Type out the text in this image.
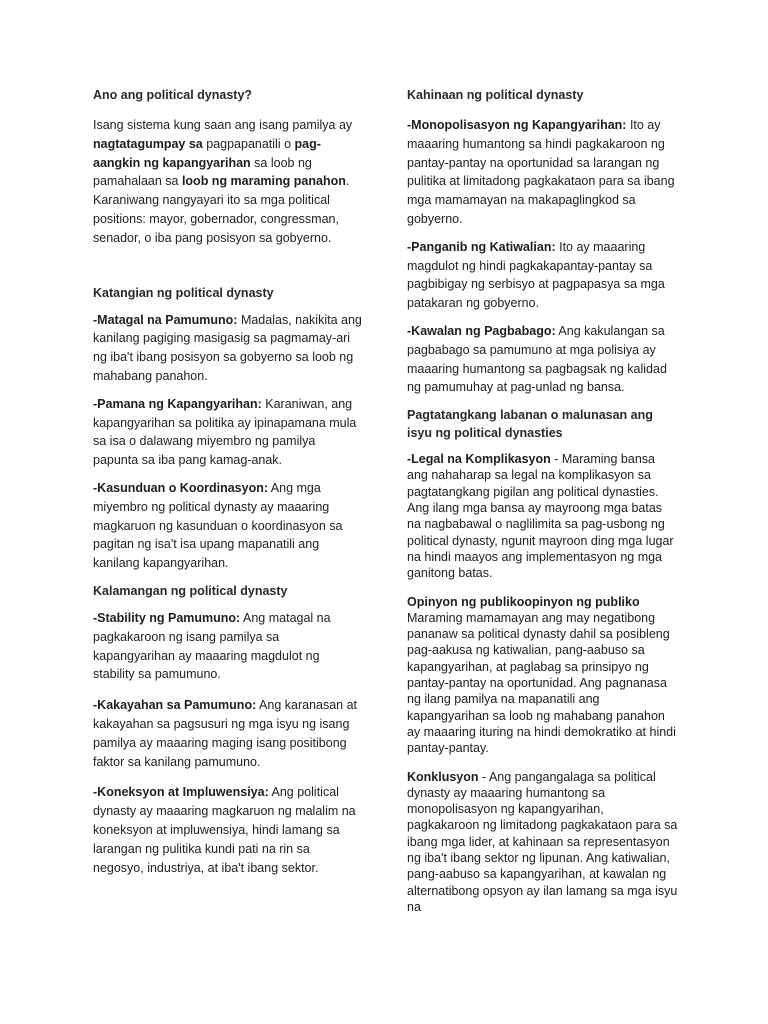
Ano ang political dynasty?

Isang sistema kung saan ang isang pamilya ay nagtatagumpay sa pagpapanatili o pag-aangkin ng kapangyarihan sa loob ng pamahalaan sa loob ng maraming panahon. Karaniwang nangyayari ito sa mga political positions: mayor, gobernador, congressman, senador, o iba pang posisyon sa gobyerno.

Katangian ng political dynasty

-Matagal na Pamumuno: Madalas, nakikita ang kanilang pagiging masigasig sa pagmamay-ari ng iba't ibang posisyon sa gobyerno sa loob ng mahabang panahon.

-Pamana ng Kapangyarihan: Karaniwan, ang kapangyarihan sa politika ay ipinapamana mula sa isa o dalawang miyembro ng pamilya papunta sa iba pang kamag-anak.

-Kasunduan o Koordinasyon: Ang mga miyembro ng political dynasty ay maaaring magkaruon ng kasunduan o koordinasyon sa pagitan ng isa't isa upang mapanatili ang kanilang kapangyarihan.

Kalamangan ng political dynasty

-Stability ng Pamumuno: Ang matagal na pagkakaroon ng isang pamilya sa kapangyarihan ay maaaring magdulot ng stability sa pamumuno.

-Kakayahan sa Pamumuno: Ang karanasan at kakayahan sa pagsusuri ng mga isyu ng isang pamilya ay maaaring maging isang positibong faktor sa kanilang pamumuno.

-Koneksyon at Impluwensiya: Ang political dynasty ay maaaring magkaruon ng malalim na koneksyon at impluwensiya, hindi lamang sa larangan ng pulitika kundi pati na rin sa negosyo, industriya, at iba't ibang sektor.

Kahinaan ng political dynasty

-Monopolisasyon ng Kapangyarihan: Ito ay maaaring humantong sa hindi pagkakaroon ng pantay-pantay na oportunidad sa larangan ng pulitika at limitadong pagkakataon para sa ibang mga mamamayan na makapaglingkod sa gobyerno.

-Panganib ng Katiwalian: Ito ay maaaring magdulot ng hindi pagkakapantay-pantay sa pagbibigay ng serbisyo at pagpapasya sa mga patakaran ng gobyerno.

-Kawalan ng Pagbabago: Ang kakulangan sa pagbabago sa pamumuno at mga polisiya ay maaaring humantong sa pagbagsak ng kalidad ng pamumuhay at pag-unlad ng bansa.

Pagtatangkang labanan o malunasan ang isyu ng political dynasties

-Legal na Komplikasyon - Maraming bansa ang nahaharap sa legal na komplikasyon sa pagtatangkang pigilan ang political dynasties. Ang ilang mga bansa ay mayroong mga batas na nagbabawal o naglilimita sa pag-usbong ng political dynasty, ngunit mayroon ding mga lugar na hindi maayos ang implementasyon ng mga ganitong batas.

Opinyon ng publikoopinyon ng publiko
Maraming mamamayan ang may negatibong pananaw sa political dynasty dahil sa posibleng pag-aakusa ng katiwalian, pang-aabuso sa kapangyarihan, at paglabag sa prinsipyo ng pantay-pantay na oportunidad. Ang pagnanasa ng ilang pamilya na mapanatili ang kapangyarihan sa loob ng mahabang panahon ay maaaring ituring na hindi demokratiko at hindi pantay-pantay.

Konklusyon - Ang pangangalaga sa political dynasty ay maaaring humantong sa monopolisasyon ng kapangyarihan, pagkakaroon ng limitadong pagkakataon para sa ibang mga lider, at kahinaan sa representasyon ng iba't ibang sektor ng lipunan. Ang katiwalian, pang-aabuso sa kapangyarihan, at kawalan ng alternatibong opsyon ay ilan lamang sa mga isyu na
